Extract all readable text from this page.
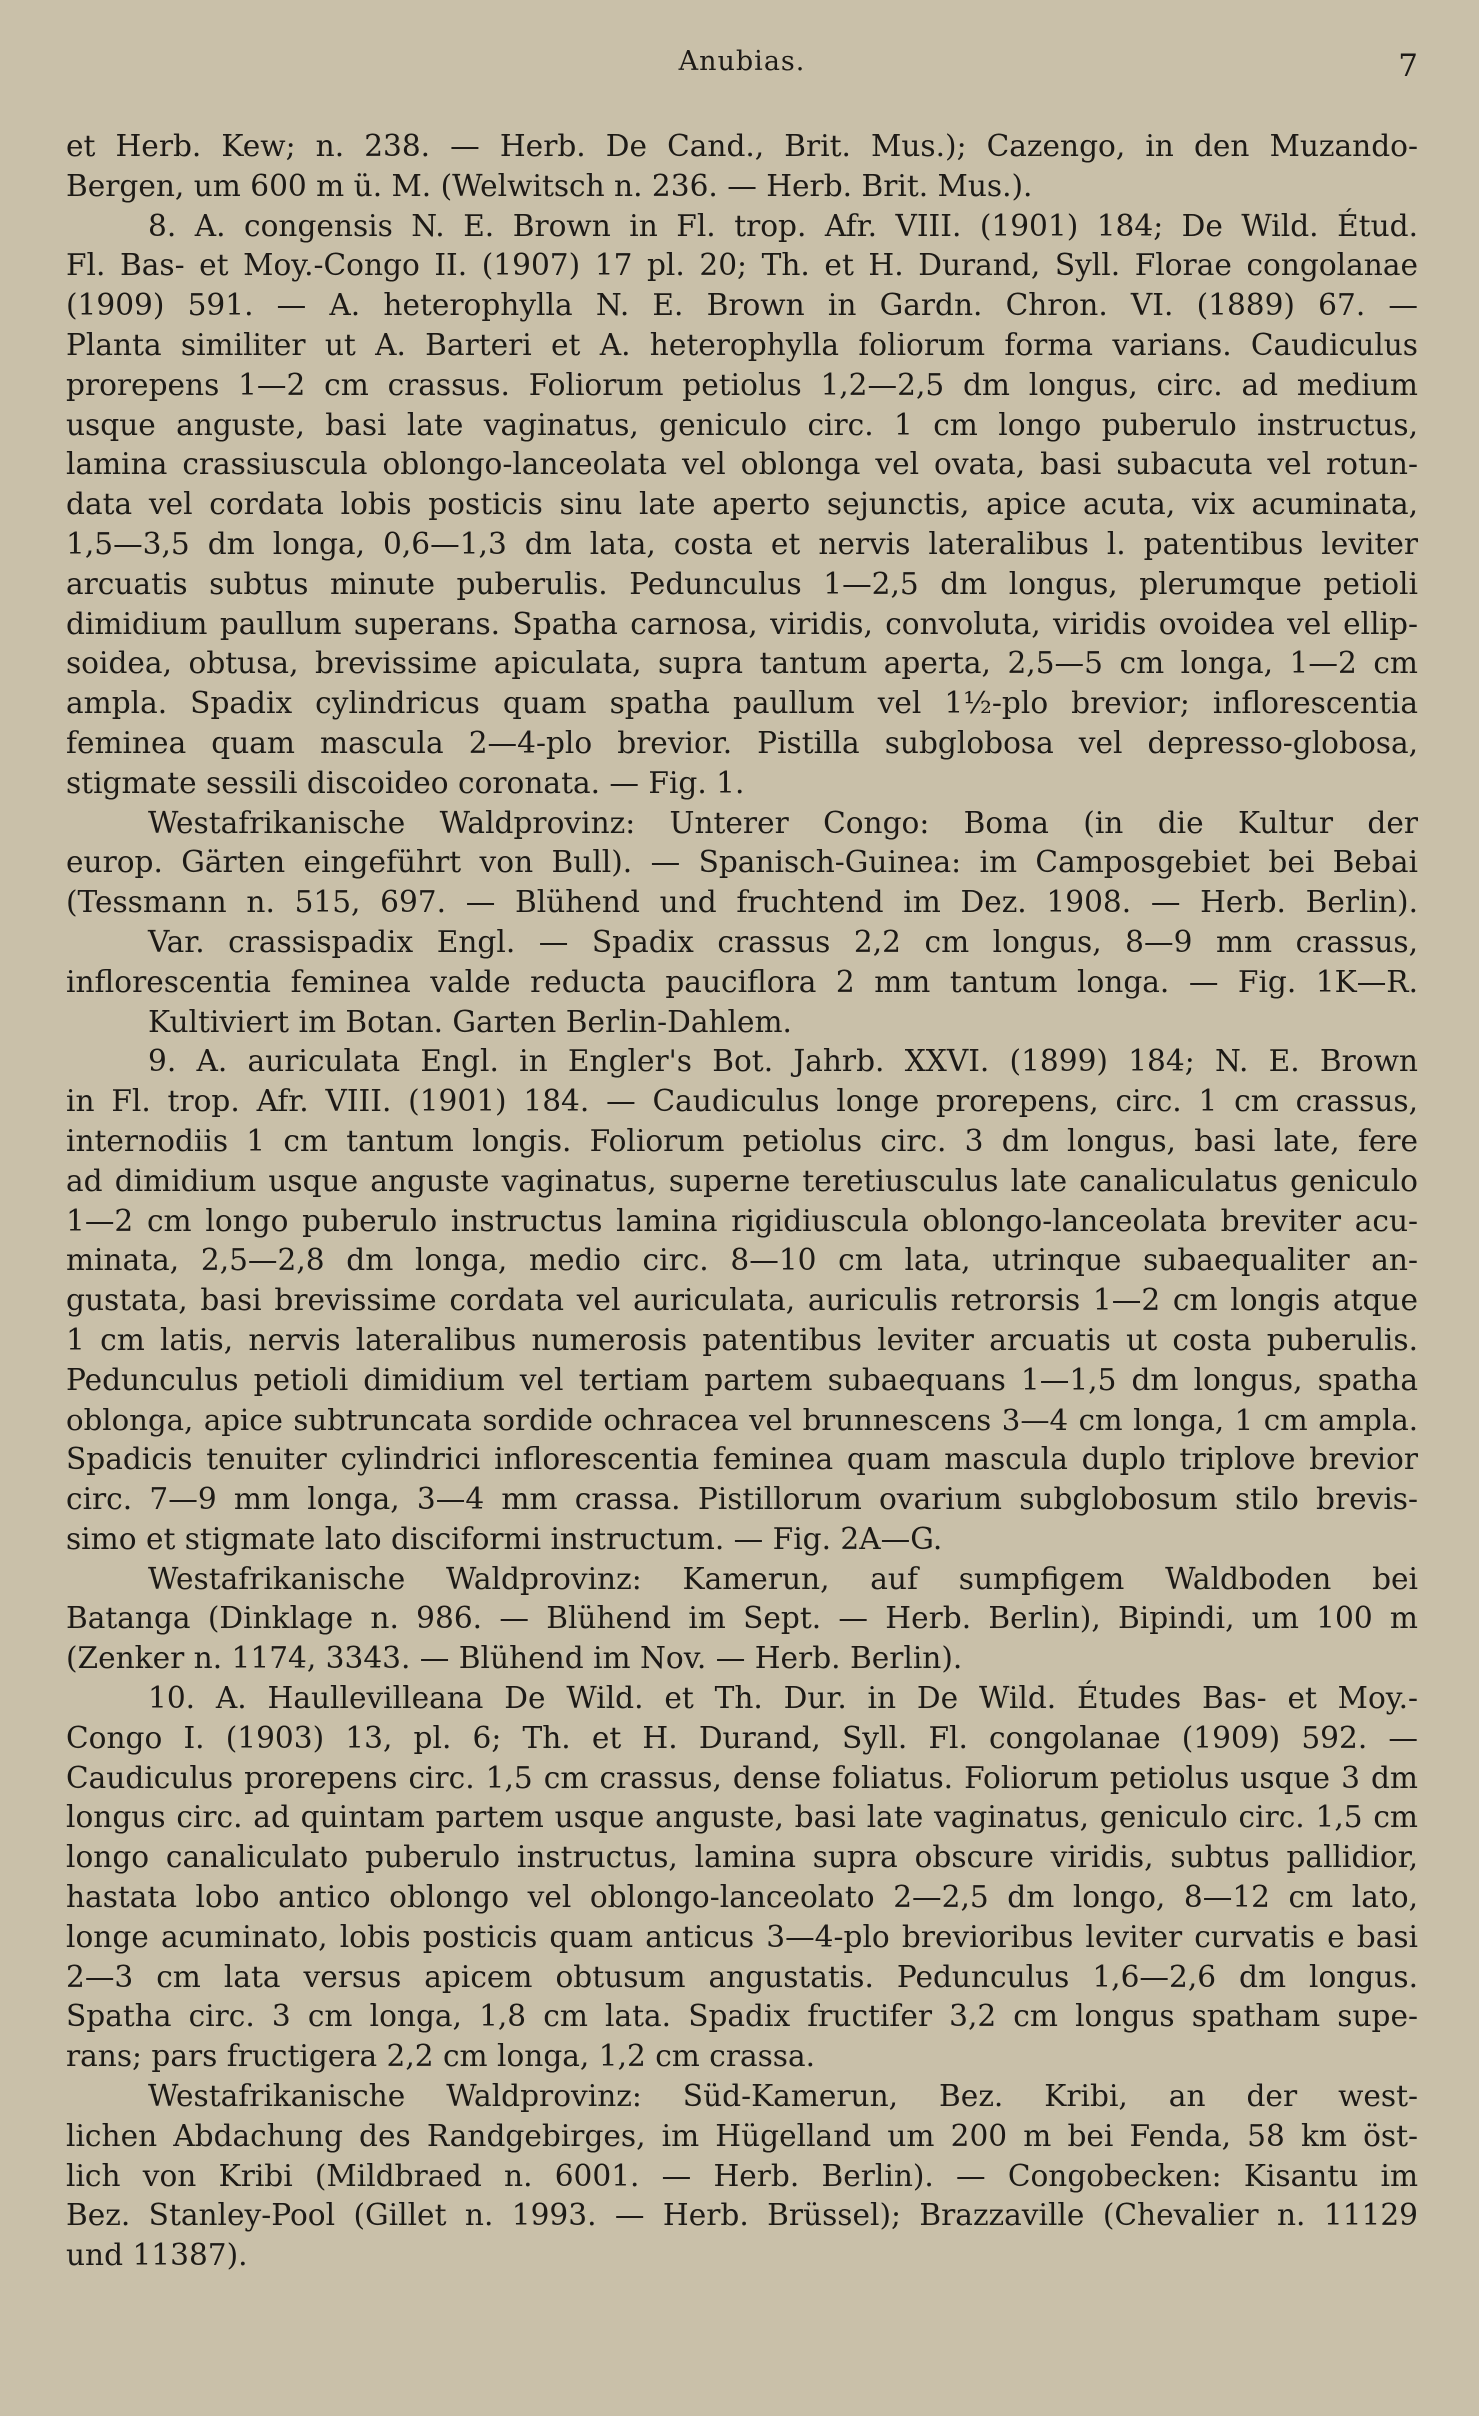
Anubias.	7
et Herb. Kew; n. 238. — Herb. De Cand., Brit. Mus.); Cazengo, in den Muzando-
Bergen, um 600 m ü. M. (Welwitsch n. 236. — Herb. Brit. Mus.).
8. A. congensis N. E. Brown in Fl. trop. Afr. VIII. (1901) 184; De Wild. Étud.
Fl. Bas- et Moy.-Congo II. (1907) 17 pl. 20; Th. et H. Durand, Syll. Florae congolanae
(1909) 591. — A. heterophylla N. E. Brown in Gardn. Chron. VI. (1889) 67. —
Planta similiter ut A. Barteri et A. heterophylla foliorum forma varians. Caudiculus
prorepens 1—2 cm crassus. Foliorum petiolus 1,2—2,5 dm longus, circ. ad medium
usque anguste, basi late vaginatus, geniculo circ. 1 cm longo puberulo instructus,
lamina crassiuscula oblongo-lanceolata vel oblonga vel ovata, basi subacuta vel rotun-
data vel cordata lobis posticis sinu late aperto sejunctis, apice acuta, vix acuminata,
1,5—3,5 dm longa, 0,6—1,3 dm lata, costa et nervis lateralibus l. patentibus leviter
arcuatis subtus minute puberulis. Pedunculus 1—2,5 dm longus, plerumque petioli
dimidium paullum superans. Spatha carnosa, viridis, convoluta, viridis ovoidea vel ellip-
soidea, obtusa, brevissime apiculata, supra tantum aperta, 2,5—5 cm longa, 1—2 cm
ampla. Spadix cylindricus quam spatha paullum vel 1½-plo brevior; inflorescentia
feminea quam mascula 2—4-plo brevior. Pistilla subglobosa vel depresso-globosa,
stigmate sessili discoideo coronata. — Fig. 1.
Westafrikanische Waldprovinz: Unterer Congo: Boma (in die Kultur der
europ. Gärten eingeführt von Bull). — Spanisch-Guinea: im Camposgebiet bei Bebai
(Tessmann n. 515, 697. — Blühend und fruchtend im Dez. 1908. — Herb. Berlin).
Var. crassispadix Engl. — Spadix crassus 2,2 cm longus, 8—9 mm crassus,
inflorescentia feminea valde reducta pauciflora 2 mm tantum longa. — Fig. 1K—R.
Kultiviert im Botan. Garten Berlin-Dahlem.
9. A. auriculata Engl. in Engler's Bot. Jahrb. XXVI. (1899) 184; N. E. Brown
in Fl. trop. Afr. VIII. (1901) 184. — Caudiculus longe prorepens, circ. 1 cm crassus,
internodiis 1 cm tantum longis. Foliorum petiolus circ. 3 dm longus, basi late, fere
ad dimidium usque anguste vaginatus, superne teretiusculus late canaliculatus geniculo
1—2 cm longo puberulo instructus lamina rigidiuscula oblongo-lanceolata breviter acu-
minata, 2,5—2,8 dm longa, medio circ. 8—10 cm lata, utrinque subaequaliter an-
gustata, basi brevissime cordata vel auriculata, auriculis retrorsis 1—2 cm longis atque
1 cm latis, nervis lateralibus numerosis patentibus leviter arcuatis ut costa puberulis.
Pedunculus petioli dimidium vel tertiam partem subaequans 1—1,5 dm longus, spatha
oblonga, apice subtruncata sordide ochracea vel brunnescens 3—4 cm longa, 1 cm ampla.
Spadicis tenuiter cylindrici inflorescentia feminea quam mascula duplo triplove brevior
circ. 7—9 mm longa, 3—4 mm crassa. Pistillorum ovarium subglobosum stilo brevis-
simo et stigmate lato disciformi instructum. — Fig. 2A—G.
Westafrikanische Waldprovinz: Kamerun, auf sumpfigem Waldboden bei
Batanga (Dinklage n. 986. — Blühend im Sept. — Herb. Berlin), Bipindi, um 100 m
(Zenker n. 1174, 3343. — Blühend im Nov. — Herb. Berlin).
10. A. Haullevilleana De Wild. et Th. Dur. in De Wild. Études Bas- et Moy.-
Congo I. (1903) 13, pl. 6; Th. et H. Durand, Syll. Fl. congolanae (1909) 592. —
Caudiculus prorepens circ. 1,5 cm crassus, dense foliatus. Foliorum petiolus usque 3 dm
longus circ. ad quintam partem usque anguste, basi late vaginatus, geniculo circ. 1,5 cm
longo canaliculato puberulo instructus, lamina supra obscure viridis, subtus pallidior,
hastata lobo antico oblongo vel oblongo-lanceolato 2—2,5 dm longo, 8—12 cm lato,
longe acuminato, lobis posticis quam anticus 3—4-plo brevioribus leviter curvatis e basi
2—3 cm lata versus apicem obtusum angustatis. Pedunculus 1,6—2,6 dm longus.
Spatha circ. 3 cm longa, 1,8 cm lata. Spadix fructifer 3,2 cm longus spatham supe-
rans; pars fructigera 2,2 cm longa, 1,2 cm crassa.
Westafrikanische Waldprovinz: Süd-Kamerun, Bez. Kribi, an der west-
lichen Abdachung des Randgebirges, im Hügelland um 200 m bei Fenda, 58 km öst-
lich von Kribi (Mildbraed n. 6001. — Herb. Berlin). — Congobecken: Kisantu im
Bez. Stanley-Pool (Gillet n. 1993. — Herb. Brüssel); Brazzaville (Chevalier n. 11129
und 11387).
